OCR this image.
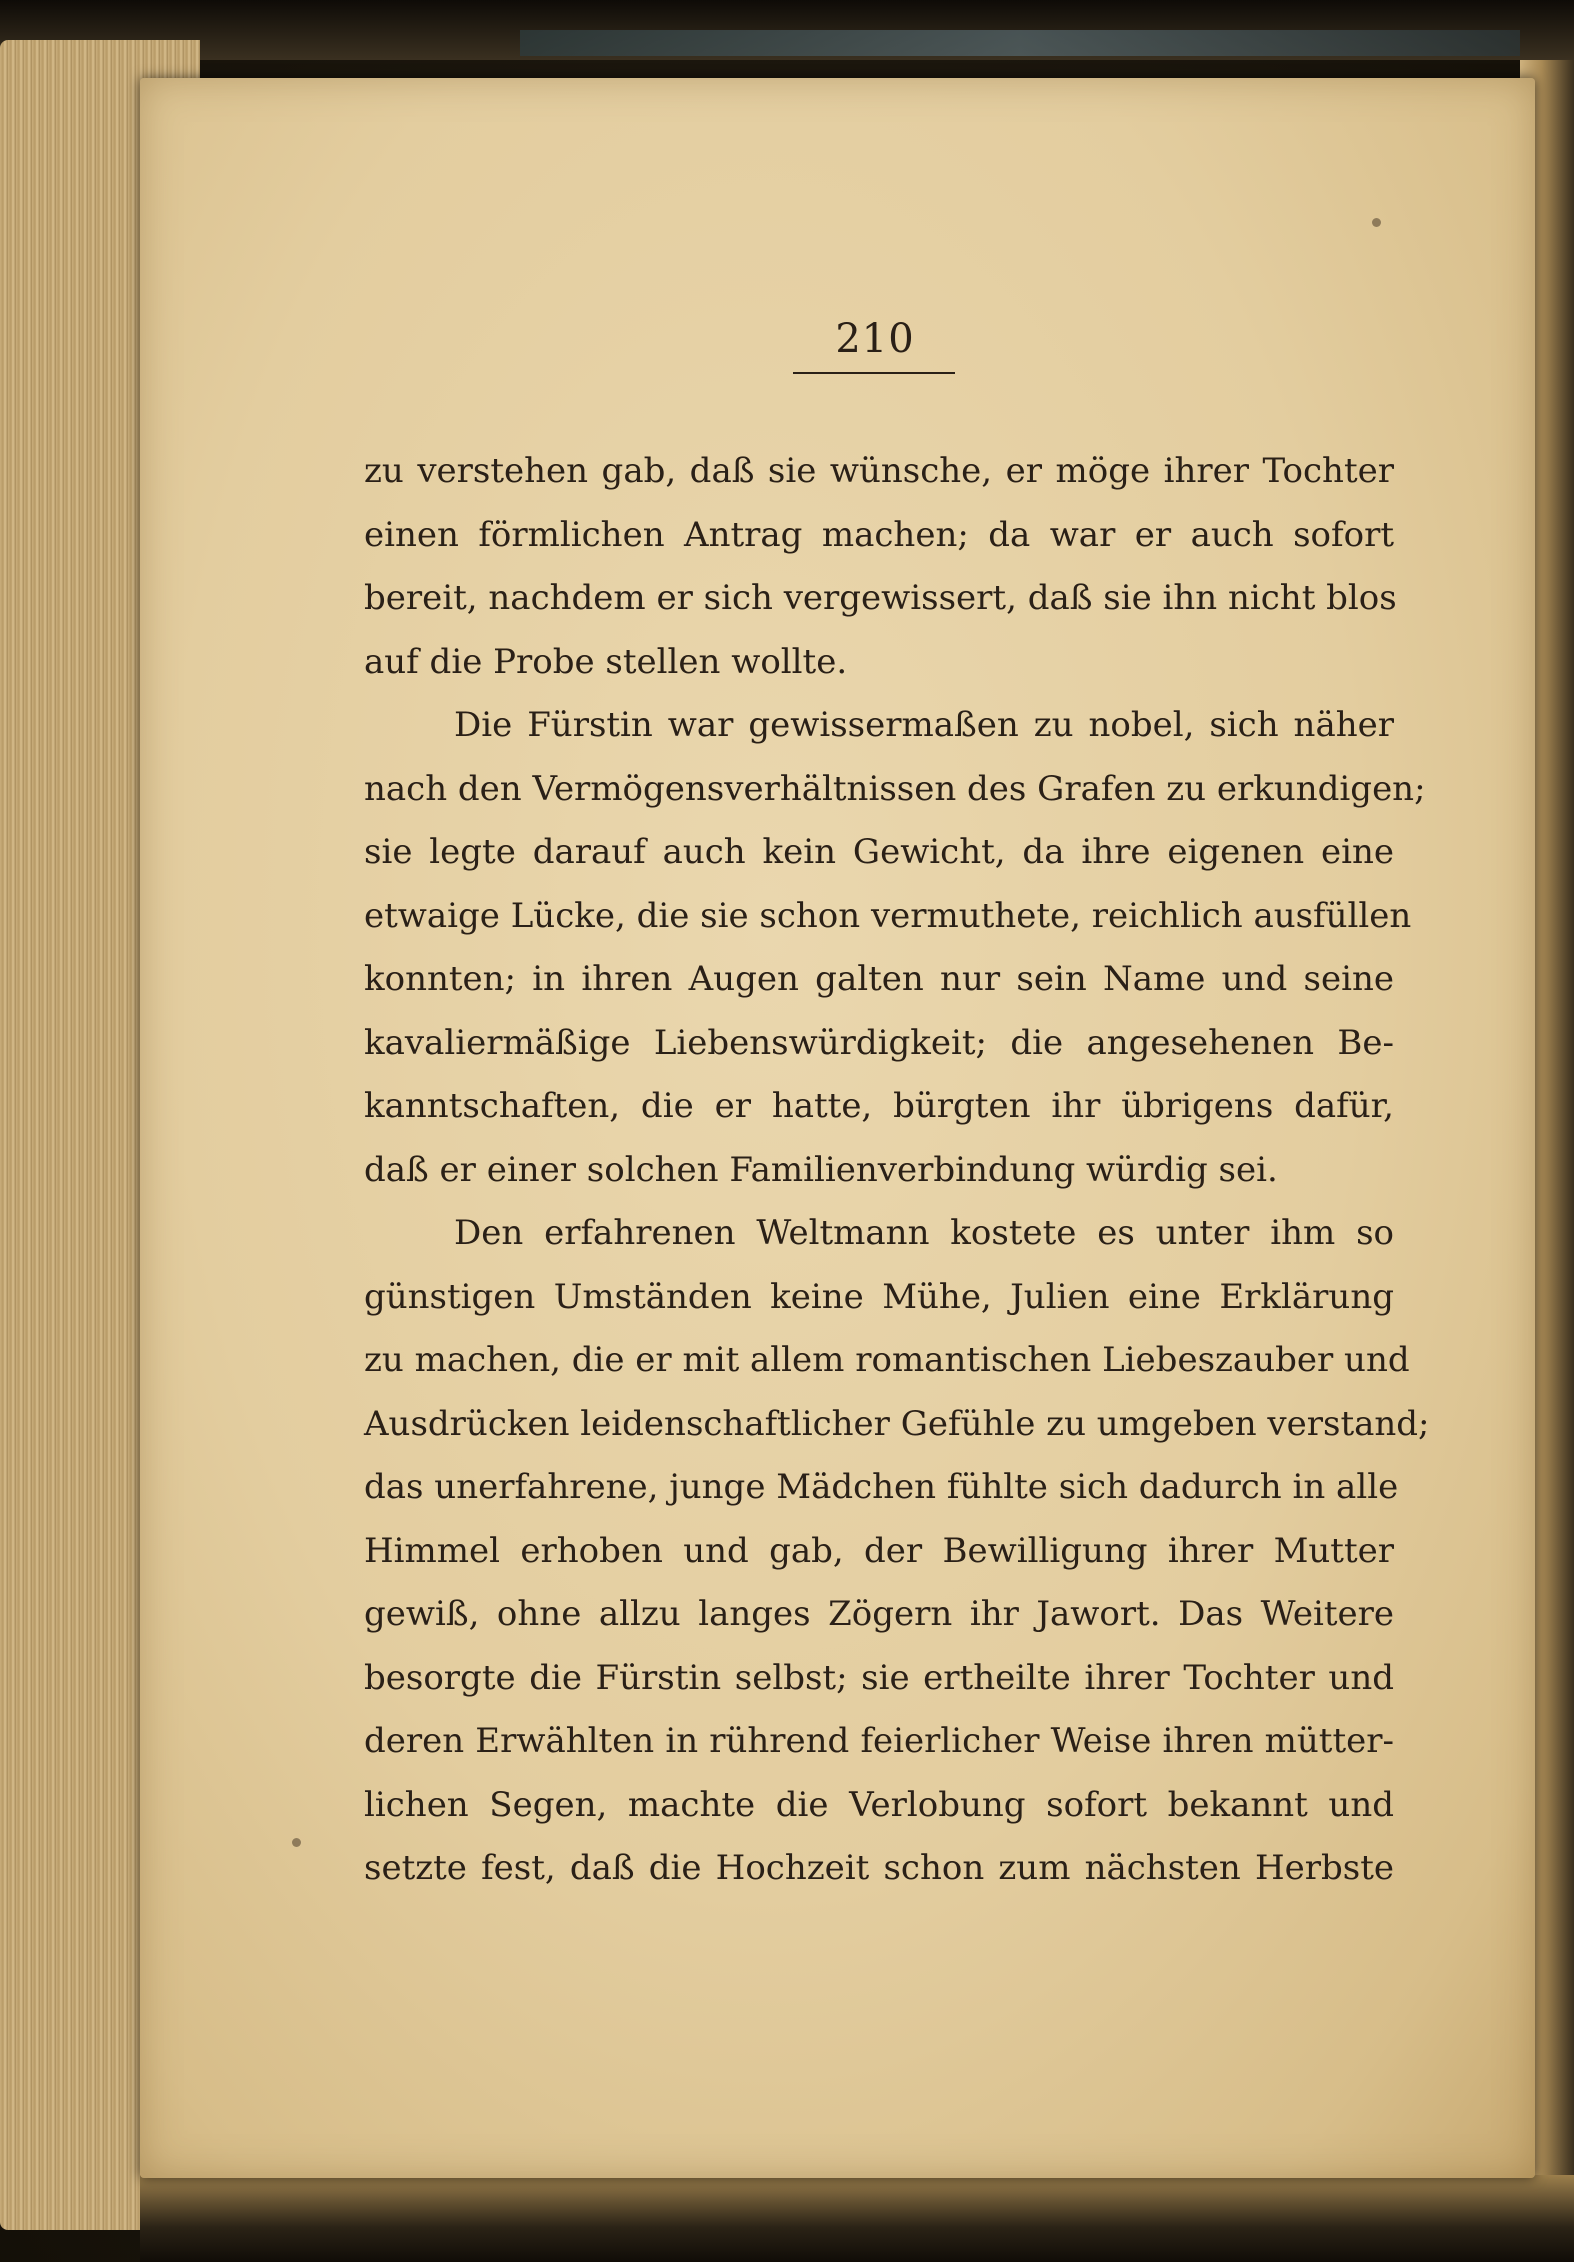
210
zu verstehen gab, daß sie wünsche, er möge ihrer Tochter
einen förmlichen Antrag machen; da war er auch sofort
bereit, nachdem er sich vergewissert, daß sie ihn nicht blos
auf die Probe stellen wollte.
Die Fürstin war gewissermaßen zu nobel, sich näher
nach den Vermögensverhältnissen des Grafen zu erkundigen;
sie legte darauf auch kein Gewicht, da ihre eigenen eine
etwaige Lücke, die sie schon vermuthete, reichlich ausfüllen
konnten; in ihren Augen galten nur sein Name und seine
kavaliermäßige Liebenswürdigkeit; die angesehenen Be-
kanntschaften, die er hatte, bürgten ihr übrigens dafür,
daß er einer solchen Familienverbindung würdig sei.
Den erfahrenen Weltmann kostete es unter ihm so
günstigen Umständen keine Mühe, Julien eine Erklärung
zu machen, die er mit allem romantischen Liebeszauber und
Ausdrücken leidenschaftlicher Gefühle zu umgeben verstand;
das unerfahrene, junge Mädchen fühlte sich dadurch in alle
Himmel erhoben und gab, der Bewilligung ihrer Mutter
gewiß, ohne allzu langes Zögern ihr Jawort. Das Weitere
besorgte die Fürstin selbst; sie ertheilte ihrer Tochter und
deren Erwählten in rührend feierlicher Weise ihren mütter-
lichen Segen, machte die Verlobung sofort bekannt und
setzte fest, daß die Hochzeit schon zum nächsten Herbste
